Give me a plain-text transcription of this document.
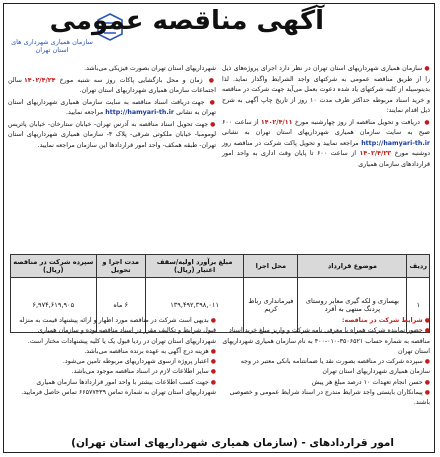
سازمان همیاری شهرداری های
استان تهران
آگهی مناقصه عمومی

● سازمان همیاری شهرداریهای استان تهران در نظر دارد اجرای پروژه‌های ذیل را از طریق مناقصه عمومی به شرکتهای واجد الشرایط واگذار نماید. لذا بدینوسیله از کلیه شرکتهای یاد شده دعوت بعمل می‌آید جهت شرکت در مناقصه و خرید اسناد مربوطه حداکثر ظرف مدت ۱۰ روز از تاریخ چاپ آگهی به شرح ذیل اقدام نمایند:

● دریافت و تحویل مناقصه از روز چهارشنبه مورخ ۱۴۰۲/۴/۱۱ از ساعت ۶۰۰ صبح به سایت سازمان همیاری شهرداریهای استان تهران به نشانی http://hamyari-th.ir مراجعه نمایید و تحویل پاکت شرکت در مناقصه روز دوشنبه مورخ ۱۴۰۲/۴/۲۳ از ساعت ۶۰۰ تا پایان وقت اداری به واحد امور قراردادهای سازمان همیاری

شهرداریهای استان تهران بصورت فیزیکی می‌باشد.

● زمان و محل بازگشایی پاکات روز سه شنبه مورخ ۱۴۰۲/۴/۲۴ سالن اجتماعات سازمان همیاری شهرداریهای استان تهران.

● جهت دریافت اسناد مناقصه به سایت سازمان همیاری شهرداریهای استان تهران به نشانی http://hamyari-th.ir مراجعه نمایید.

● جهت تحویل اسناد مناقصه به آدرس تهران- خیابان ستارخان- خیابان پاتریس لومومبا- خیابان ملکوتی شرقی- پلاک ۴- سازمان همیاری شهرداریهای استان تهران- طبقه همکف- واحد امور قراردادها این سازمان مراجعه نمایید.

ردیف	موضوع قرارداد	محل اجرا	مبلغ برآورد اولیه/سقف اعتبار (ریال)	مدت اجرا و تحویل	سپرده شرکت در مناقصه (ریال)
۱	بهسازی و لکه گیری معابر روستای پردنگ منتهی به آقرد	فیرمانداری رباط کریم	۱۳۹,۴۹۲,۳۹۸,۰۱۱	۶ ماه	۶,۹۷۴,۶۱۹,۹۰۵

● شرایط شرکت در مناقصه:

● حضور نماینده شرکت همراه با معرفی نامه شرکت و واریز مبلغ خرید اسناد مناقصه به شماره حساب ۳۵۰۶۵۲۱-۰۱۰-۴۰۰ به نام سازمان همیاری شهرداریهای استان تهران

● سپرده شرکت در مناقصه بصورت نقد یا ضمانتنامه بانکی معتبر در وجه سازمان همیاری شهرداریهای استان تهران

● حسن انجام تعهدات ۱۰ درصد مبلغ هر پیش

● پیمانکاران بایستی واجد شرایط مندرج در اسناد شرایط عمومی و خصوصی باشند.

● بدیهی است شرکت در مناقصه مورد اظهار و ارائه پیشنهاد قیمت به منزله قبول شرایط و تکالیف مقرر در اسناد مناقصه بوده و سازمان همیاری شهرداریهای استان تهران در ردیا قبول یک یا کلیه پیشنهادات مختار است.

● هزینه درج آگهی به عهده برنده مناقصه می‌باشد.

● اعتبار پروژه ازسوی شهرداریهای مربوطه تامین می‌شود.

● سایر اطلاعات لازم در اسناد مناقصه موجود می‌باشد.

● جهت کسب اطلاعات بیشتر با واحد امور قراردادها سازمان همیاری شهرداریهای استان تهران به شماره تماس ۶۶۵۷۷۴۳۹ تماس حاصل فرمایید.

امور قراردادهای - (سازمان همیاری شهرداریهای استان تهران)
